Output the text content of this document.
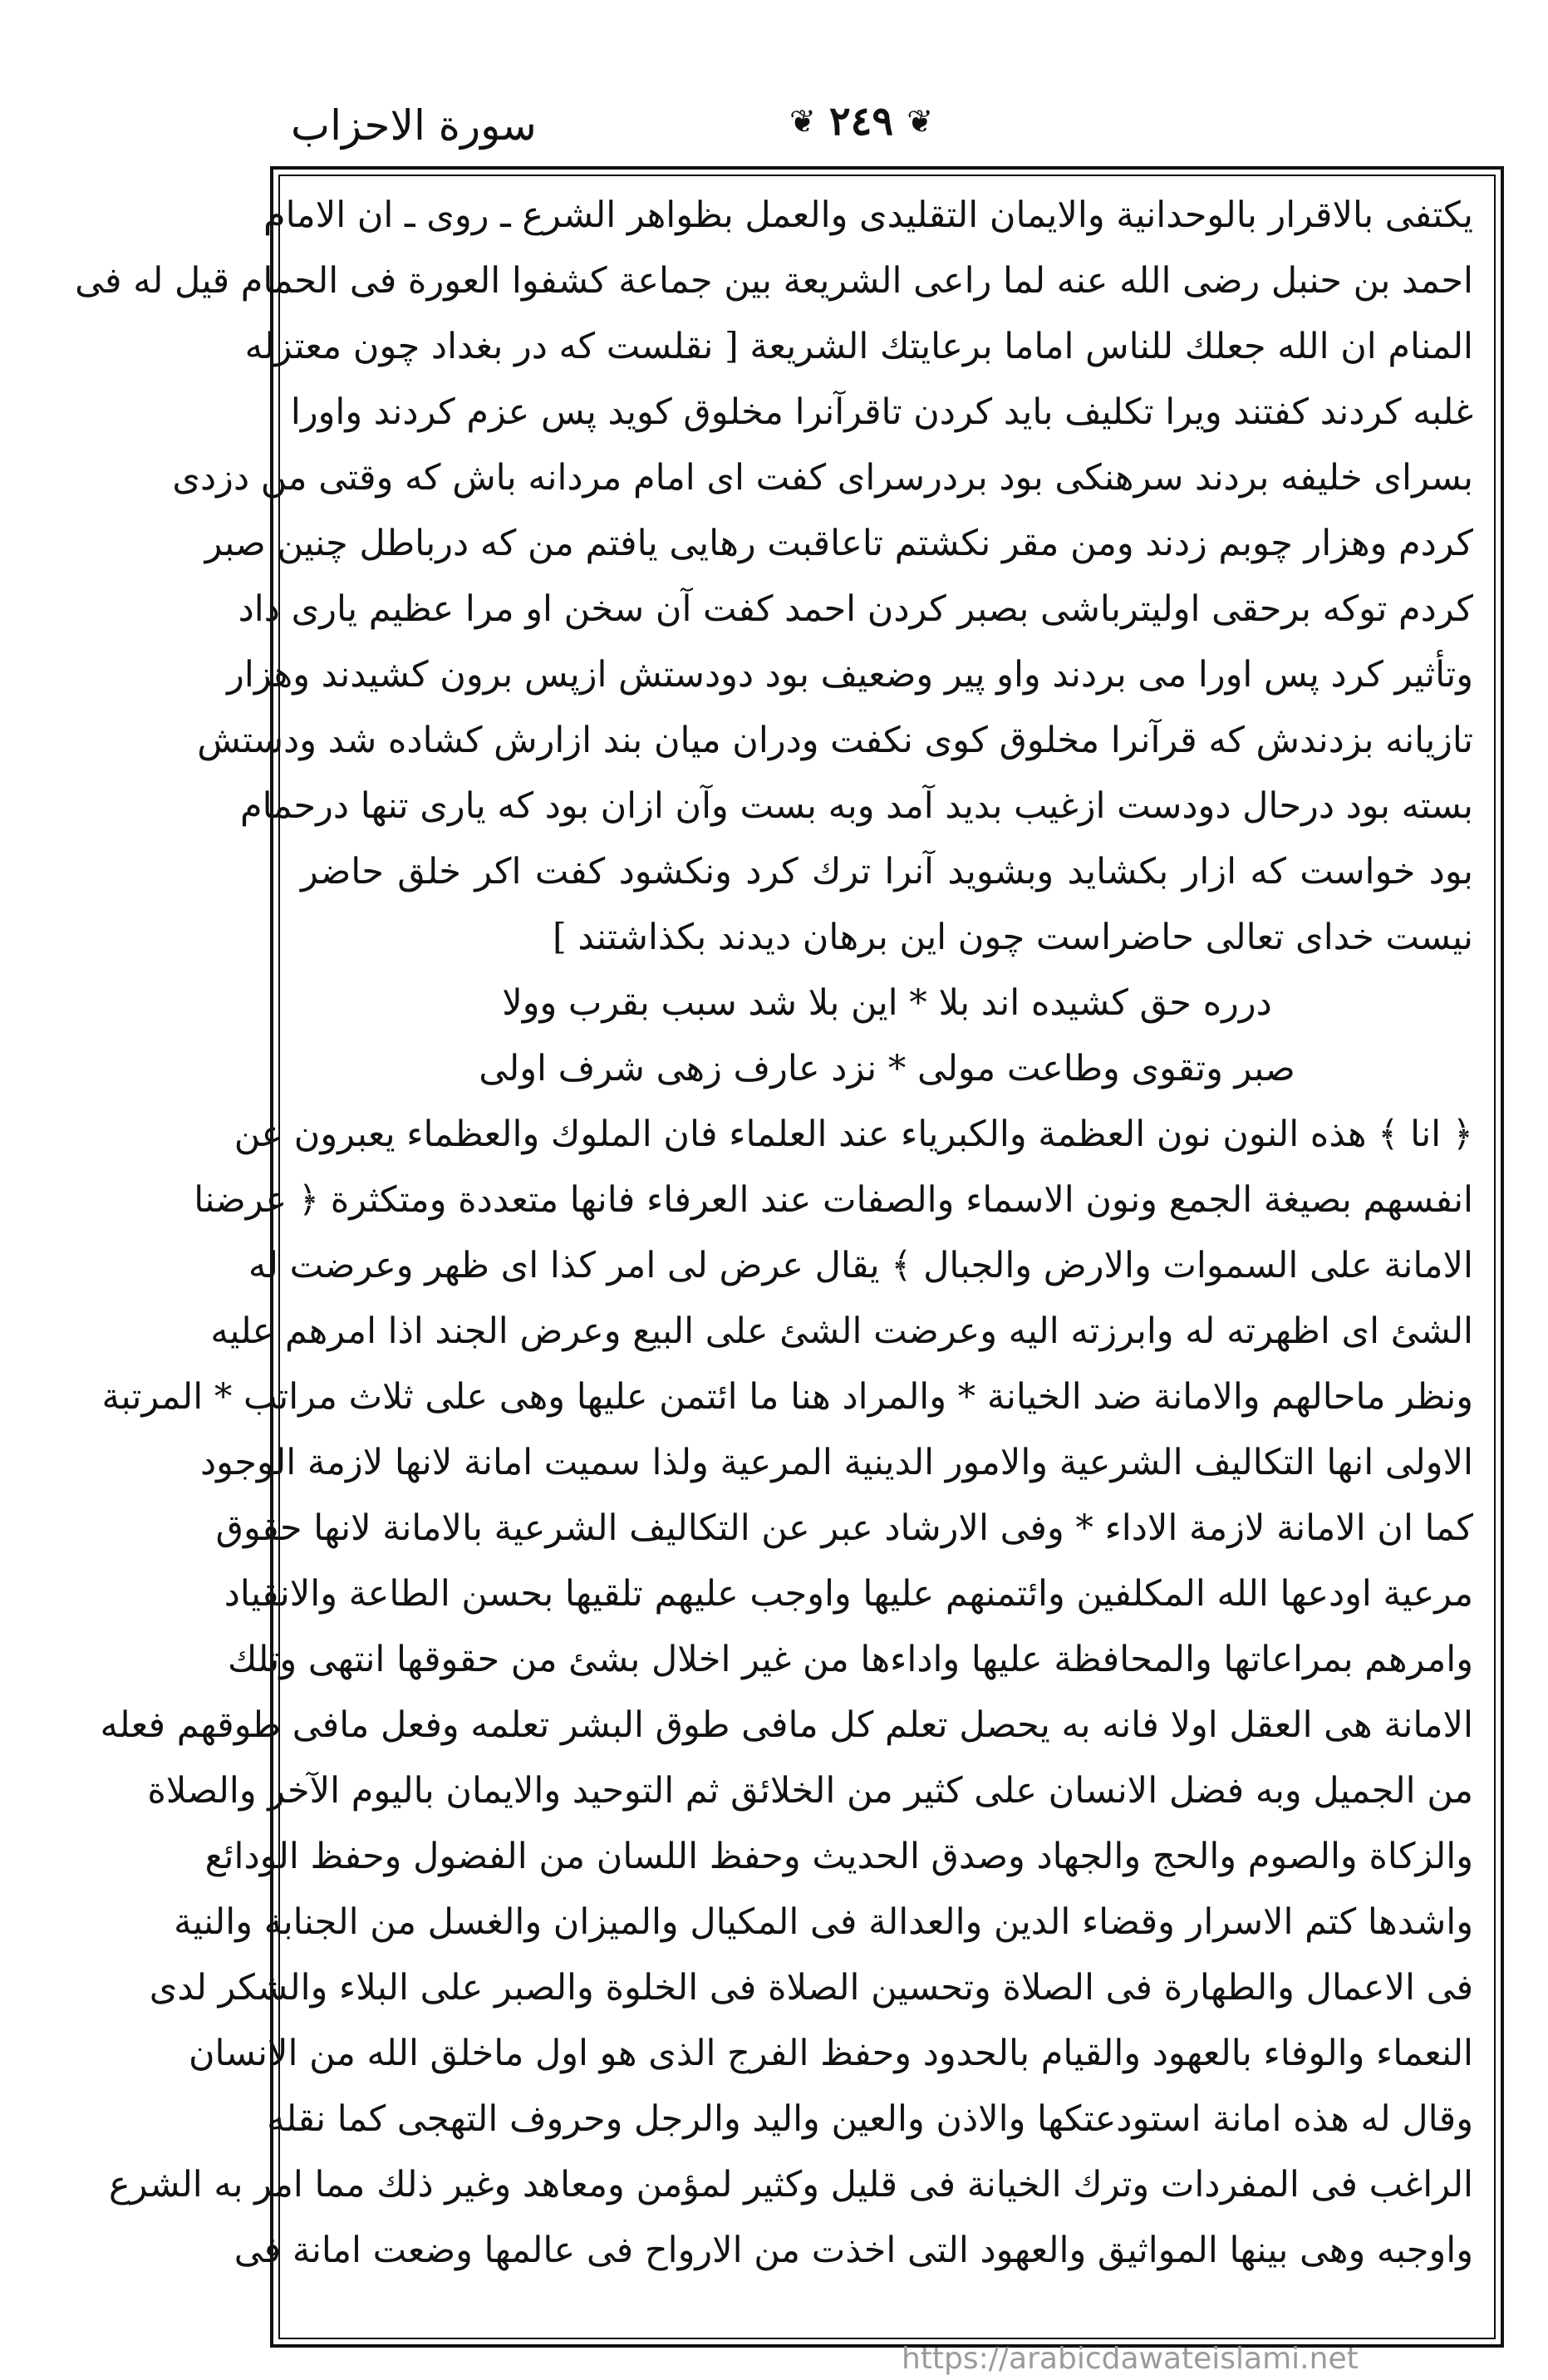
سورة الاحزاب	❦ ٢٤٩ ❦
يكتفى بالاقرار بالوحدانية والايمان التقليدى والعمل بظواهر الشرع ـ روى ـ ان الامام
احمد بن حنبل رضى الله عنه لما راعى الشريعة بين جماعة كشفوا العورة فى الحمام قيل له فى
المنام ان الله جعلك للناس اماما برعايتك الشريعة [ نقلست كه در بغداد چون معتزله
غلبه كردند كفتند ويرا تكليف بايد كردن تاقرآنرا مخلوق كويد پس عزم كردند واورا
بسراى خليفه بردند سرهنكى بود بردرسراى كفت اى امام مردانه باش كه وقتى من دزدى
كردم وهزار چوبم زدند ومن مقر نكشتم تاعاقبت رهايى يافتم من كه درباطل چنين صبر
كردم توكه برحقى اوليترباشى بصبر كردن احمد كفت آن سخن او مرا عظيم يارى داد
وتأثير كرد پس اورا مى بردند واو پير وضعيف بود دودستش ازپس برون كشيدند وهزار
تازيانه بزدندش كه قرآنرا مخلوق كوى نكفت ودران ميان بند ازارش كشاده شد ودستش
بسته بود درحال دودست ازغيب بديد آمد وبه بست وآن ازان بود كه يارى تنها درحمام
بود خواست كه ازار بكشايد وبشويد آنرا ترك كرد ونكشود كفت اكر خلق حاضر
نيست خداى تعالى حاضراست چون اين برهان ديدند بكذاشتند ]
درره حق كشيده اند بلا * اين بلا شد سبب بقرب وولا
صبر وتقوى وطاعت مولى * نزد عارف زهى شرف اولى
﴿ انا ﴾ هذه النون نون العظمة والكبرياء عند العلماء فان الملوك والعظماء يعبرون عن
انفسهم بصيغة الجمع ونون الاسماء والصفات عند العرفاء فانها متعددة ومتكثرة ﴿ عرضنا
الامانة على السموات والارض والجبال ﴾ يقال عرض لى امر كذا اى ظهر وعرضت له
الشئ اى اظهرته له وابرزته اليه وعرضت الشئ على البيع وعرض الجند اذا امرهم عليه
ونظر ماحالهم والامانة ضد الخيانة * والمراد هنا ما ائتمن عليها وهى على ثلاث مراتب * المرتبة
الاولى انها التكاليف الشرعية والامور الدينية المرعية ولذا سميت امانة لانها لازمة الوجود
كما ان الامانة لازمة الاداء * وفى الارشاد عبر عن التكاليف الشرعية بالامانة لانها حقوق
مرعية اودعها الله المكلفين وائتمنهم عليها واوجب عليهم تلقيها بحسن الطاعة والانقياد
وامرهم بمراعاتها والمحافظة عليها واداءها من غير اخلال بشئ من حقوقها انتهى وتلك
الامانة هى العقل اولا فانه به يحصل تعلم كل مافى طوق البشر تعلمه وفعل مافى طوقهم فعله
من الجميل وبه فضل الانسان على كثير من الخلائق ثم التوحيد والايمان باليوم الآخر والصلاة
والزكاة والصوم والحج والجهاد وصدق الحديث وحفظ اللسان من الفضول وحفظ الودائع
واشدها كتم الاسرار وقضاء الدين والعدالة فى المكيال والميزان والغسل من الجنابة والنية
فى الاعمال والطهارة فى الصلاة وتحسين الصلاة فى الخلوة والصبر على البلاء والشكر لدى
النعماء والوفاء بالعهود والقيام بالحدود وحفظ الفرج الذى هو اول ماخلق الله من الانسان
وقال له هذه امانة استودعتكها والاذن والعين واليد والرجل وحروف التهجى كما نقله
الراغب فى المفردات وترك الخيانة فى قليل وكثير لمؤمن ومعاهد وغير ذلك مما امر به الشرع
واوجبه وهى بينها المواثيق والعهود التى اخذت من الارواح فى عالمها وضعت امانة فى
https://arabicdawateislami.net
